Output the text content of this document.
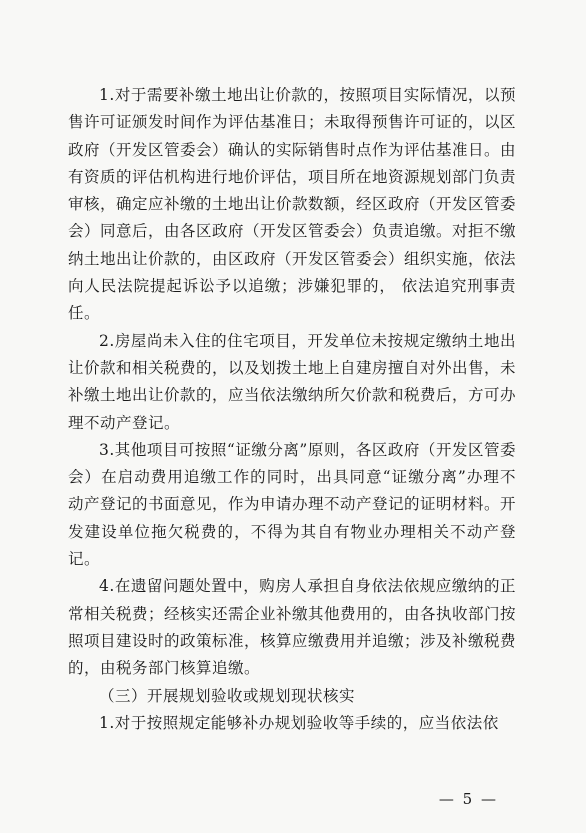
1.对于需要补缴土地出让价款的，按照项目实际情况，以预售许可证颁发时间作为评估基准日；未取得预售许可证的，以区政府（开发区管委会）确认的实际销售时点作为评估基准日。由有资质的评估机构进行地价评估，项目所在地资源规划部门负责审核，确定应补缴的土地出让价款数额，经区政府（开发区管委会）同意后，由各区政府（开发区管委会）负责追缴。对拒不缴纳土地出让价款的，由区政府（开发区管委会）组织实施，依法向人民法院提起诉讼予以追缴；涉嫌犯罪的， 依法追究刑事责任。

2.房屋尚未入住的住宅项目，开发单位未按规定缴纳土地出让价款和相关税费的，以及划拨土地上自建房擅自对外出售，未补缴土地出让价款的，应当依法缴纳所欠价款和税费后，方可办理不动产登记。

3.其他项目可按照“证缴分离”原则，各区政府（开发区管委会）在启动费用追缴工作的同时，出具同意“证缴分离”办理不动产登记的书面意见，作为申请办理不动产登记的证明材料。开发建设单位拖欠税费的，不得为其自有物业办理相关不动产登记。

4.在遗留问题处置中，购房人承担自身依法依规应缴纳的正常相关税费；经核实还需企业补缴其他费用的，由各执收部门按照项目建设时的政策标准，核算应缴费用并追缴；涉及补缴税费的，由税务部门核算追缴。

（三）开展规划验收或规划现状核实

1.对于按照规定能够补办规划验收等手续的，应当依法依

— 5 —
